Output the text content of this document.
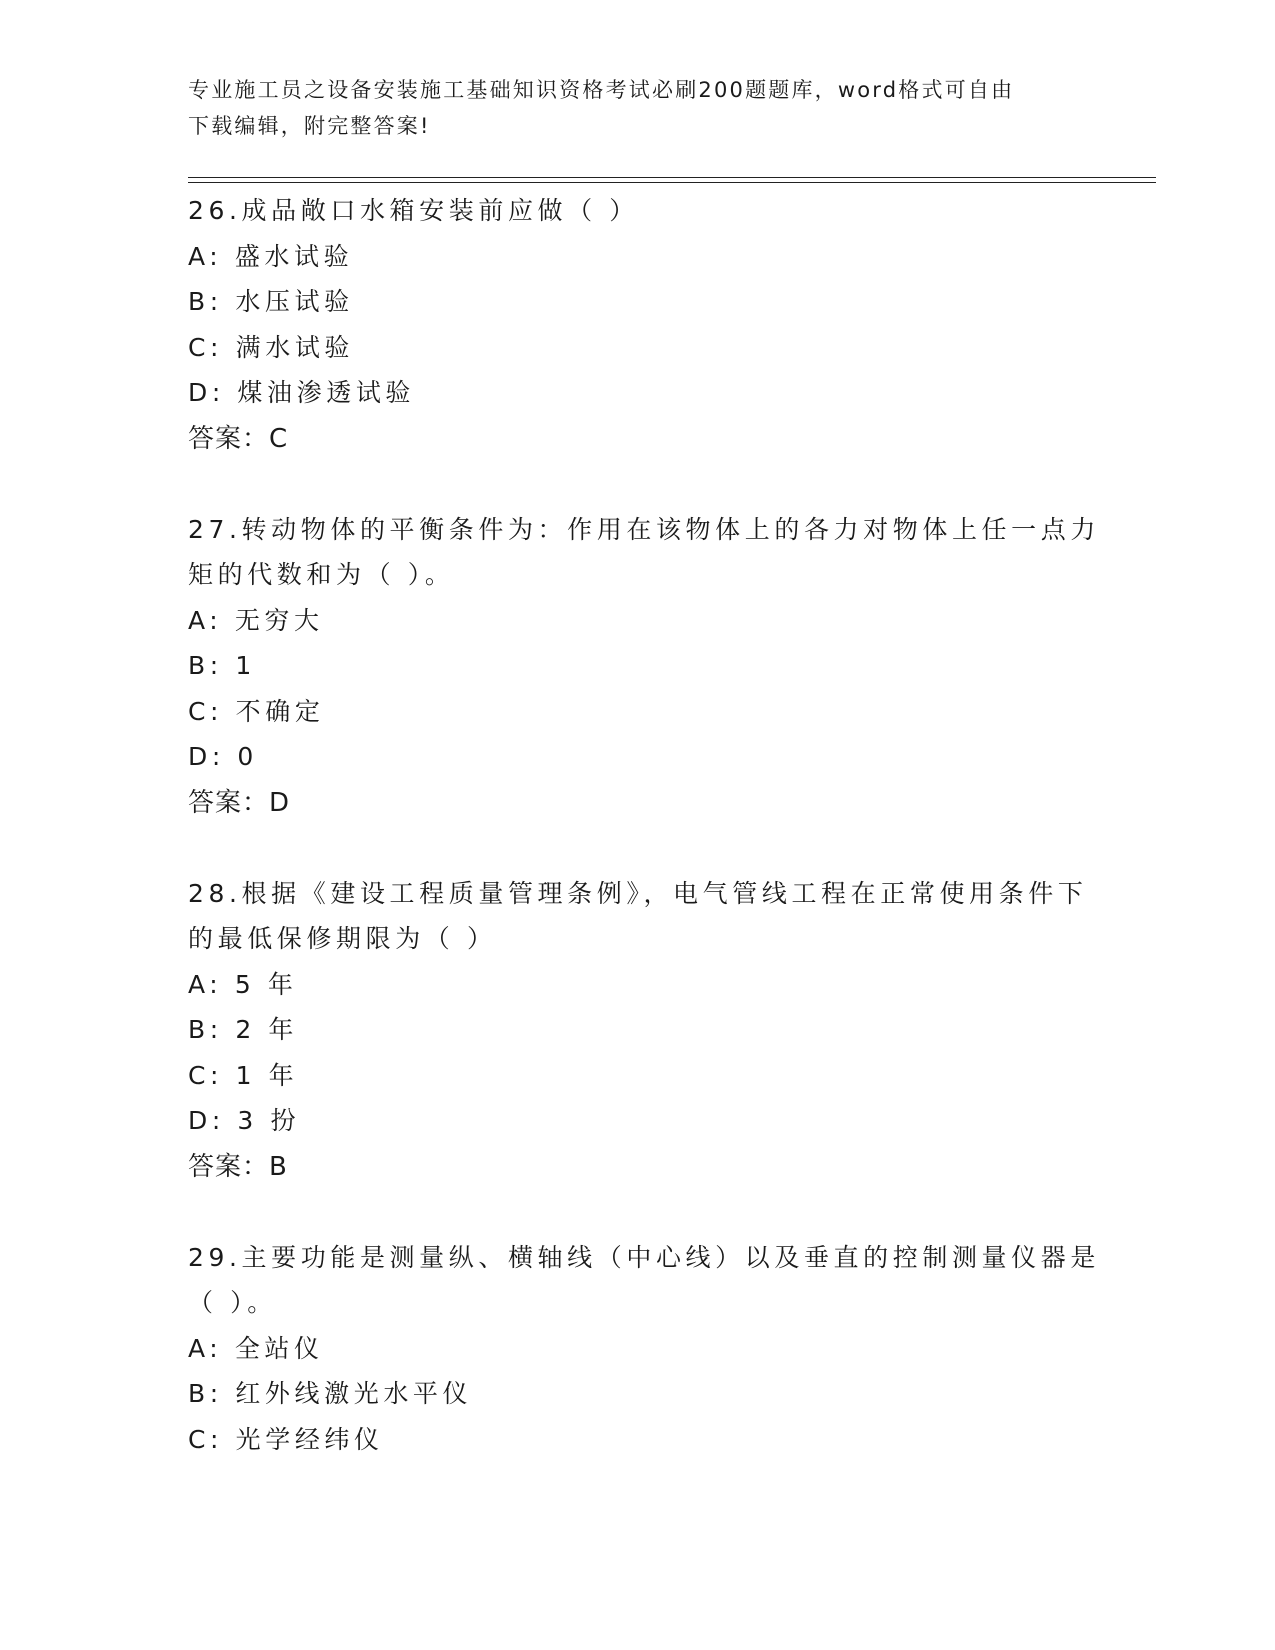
专业施工员之设备安装施工基础知识资格考试必刷200题题库，word格式可自由
下载编辑，附完整答案!
26.成品敞口水箱安装前应做（ ）
A: 盛水试验
B: 水压试验
C: 满水试验
D: 煤油渗透试验
答案：C
27.转动物体的平衡条件为：作用在该物体上的各力对物体上任一点力
矩的代数和为（ ）。
A: 无穷大
B: 1
C: 不确定
D: 0
答案：D
28.根据《建设工程质量管理条例》，电气管线工程在正常使用条件下
的最低保修期限为（ ）
A: 5 年
B: 2 年
C: 1 年
D: 3 扮
答案：B
29.主要功能是测量纵、横轴线（中心线）以及垂直的控制测量仪器是
（ ）。
A: 全站仪
B: 红外线激光水平仪
C: 光学经纬仪
